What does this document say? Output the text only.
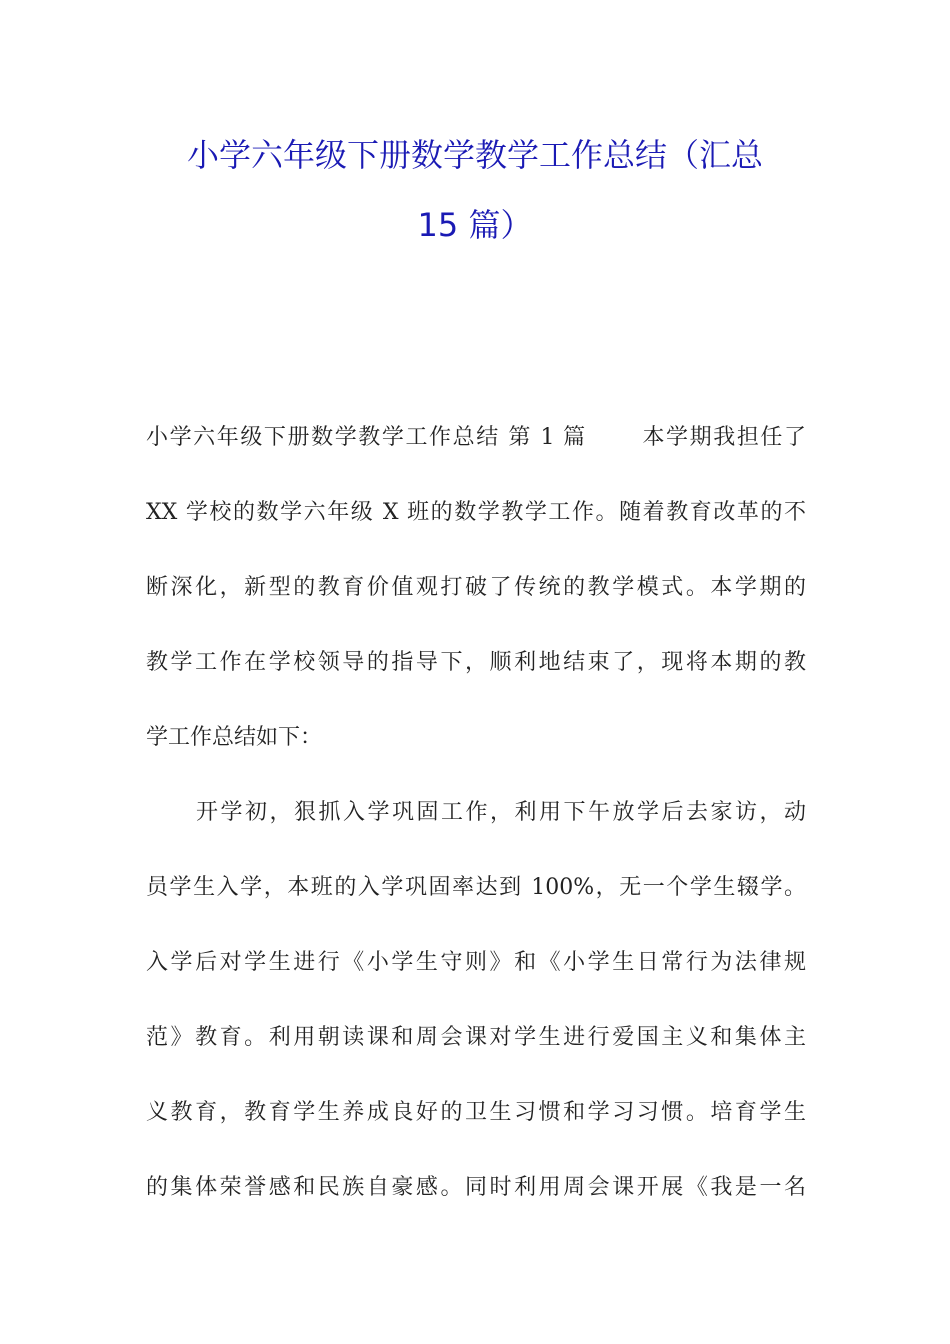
小学六年级下册数学教学工作总结（汇总
15 篇）
小学六年级下册数学教学工作总结 第 1 篇　　 本学期我担任了
XX 学校的数学六年级 X 班的数学教学工作。随着教育改革的不
断深化，新型的教育价值观打破了传统的教学模式。本学期的
教学工作在学校领导的指导下，顺利地结束了，现将本期的教
学工作总结如下：
开学初，狠抓入学巩固工作，利用下午放学后去家访，动
员学生入学，本班的入学巩固率达到 100%，无一个学生辍学。
入学后对学生进行《小学生守则》和《小学生日常行为法律规
范》教育。利用朝读课和周会课对学生进行爱国主义和集体主
义教育，教育学生养成良好的卫生习惯和学习习惯。培育学生
的集体荣誉感和民族自豪感。同时利用周会课开展《我是一名
